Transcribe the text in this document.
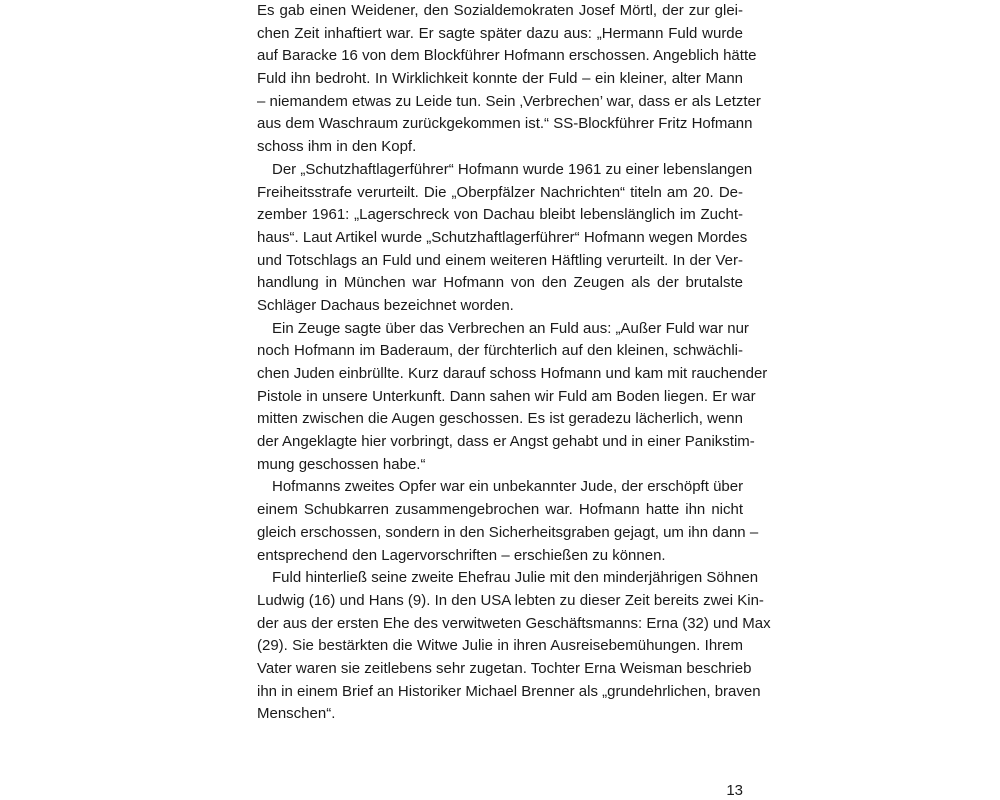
Es gab einen Weidener, den Sozialdemokraten Josef Mörtl, der zur glei-
chen Zeit inhaftiert war. Er sagte später dazu aus: „Hermann Fuld wurde
auf Baracke 16 von dem Blockführer Hofmann erschossen. Angeblich hätte
Fuld ihn bedroht. In Wirklichkeit konnte der Fuld – ein kleiner, alter Mann
– niemandem etwas zu Leide tun. Sein ‚Verbrechen’ war, dass er als Letzter
aus dem Waschraum zurückgekommen ist.“ SS-Blockführer Fritz Hofmann
schoss ihm in den Kopf.
Der „Schutzhaftlagerführer“ Hofmann wurde 1961 zu einer lebenslangen
Freiheitsstrafe verurteilt. Die „Oberpfälzer Nachrichten“ titeln am 20. De-
zember 1961: „Lagerschreck von Dachau bleibt lebenslänglich im Zucht-
haus“. Laut Artikel wurde „Schutzhaftlagerführer“ Hofmann wegen Mordes
und Totschlags an Fuld und einem weiteren Häftling verurteilt. In der Ver-
handlung in München war Hofmann von den Zeugen als der brutalste
Schläger Dachaus bezeichnet worden.
Ein Zeuge sagte über das Verbrechen an Fuld aus: „Außer Fuld war nur
noch Hofmann im Baderaum, der fürchterlich auf den kleinen, schwächli-
chen Juden einbrüllte. Kurz darauf schoss Hofmann und kam mit rauchender
Pistole in unsere Unterkunft. Dann sahen wir Fuld am Boden liegen. Er war
mitten zwischen die Augen geschossen. Es ist geradezu lächerlich, wenn
der Angeklagte hier vorbringt, dass er Angst gehabt und in einer Panikstim-
mung geschossen habe.“
Hofmanns zweites Opfer war ein unbekannter Jude, der erschöpft über
einem Schubkarren zusammengebrochen war. Hofmann hatte ihn nicht
gleich erschossen, sondern in den Sicherheitsgraben gejagt, um ihn dann –
entsprechend den Lagervorschriften – erschießen zu können.
Fuld hinterließ seine zweite Ehefrau Julie mit den minderjährigen Söhnen
Ludwig (16) und Hans (9). In den USA lebten zu dieser Zeit bereits zwei Kin-
der aus der ersten Ehe des verwitweten Geschäftsmanns: Erna (32) und Max
(29). Sie bestärkten die Witwe Julie in ihren Ausreisebemühungen. Ihrem
Vater waren sie zeitlebens sehr zugetan. Tochter Erna Weisman beschrieb
ihn in einem Brief an Historiker Michael Brenner als „grundehrlichen, braven
Menschen“.
13
